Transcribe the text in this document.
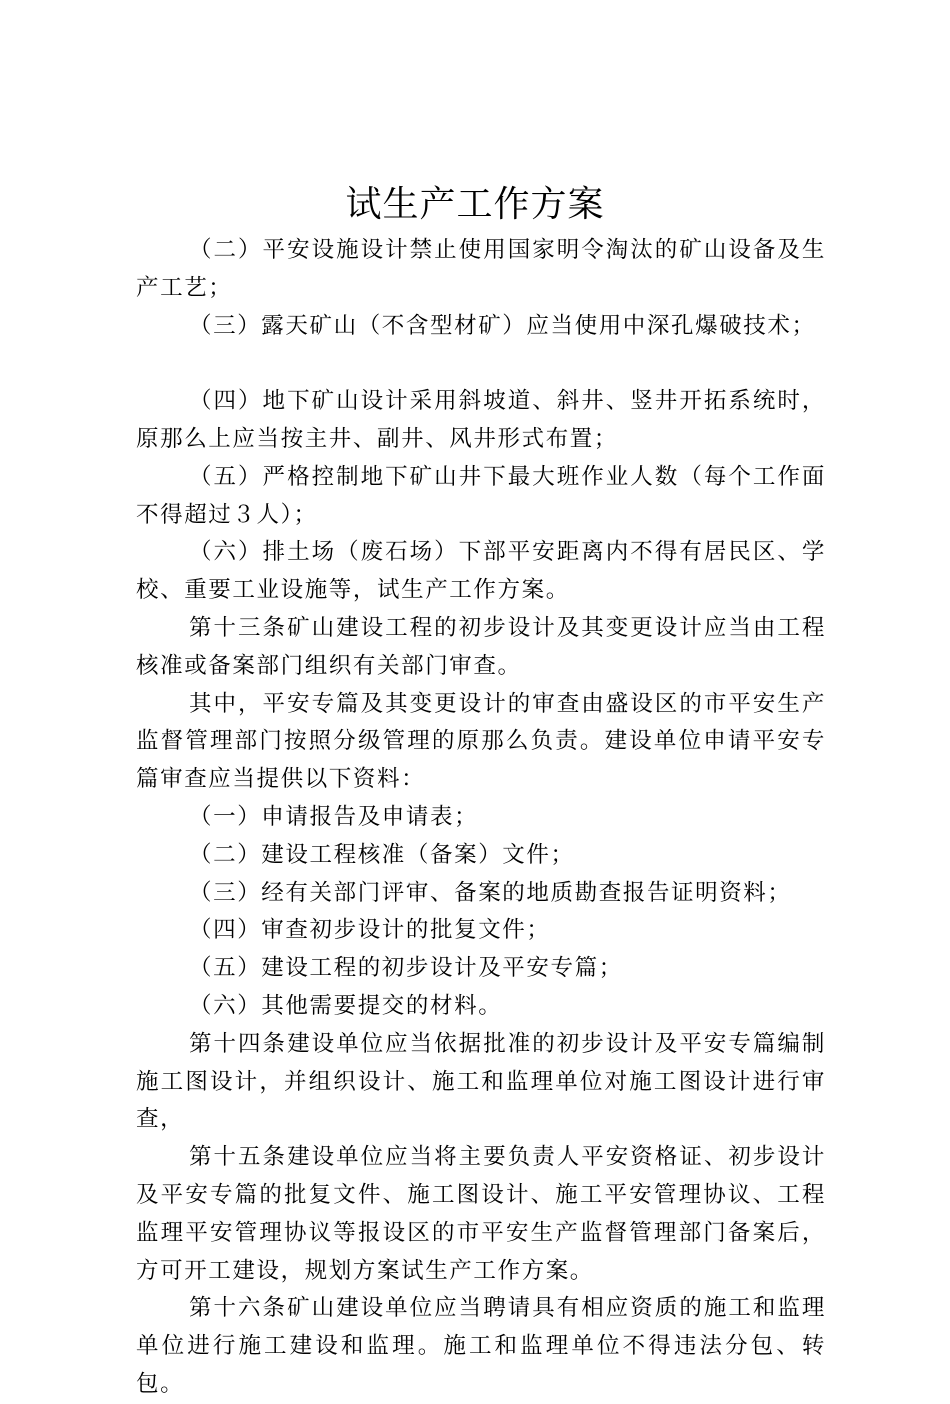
试生产工作方案

（二）平安设施设计禁止使用国家明令淘汰的矿山设备及生产工艺；

（三）露天矿山（不含型材矿）应当使用中深孔爆破技术；

（四）地下矿山设计采用斜坡道、斜井、竖井开拓系统时，原那么上应当按主井、副井、风井形式布置；

（五）严格控制地下矿山井下最大班作业人数（每个工作面不得超过３人）；

（六）排土场（废石场）下部平安距离内不得有居民区、学校、重要工业设施等，试生产工作方案。

第十三条矿山建设工程的初步设计及其变更设计应当由工程核准或备案部门组织有关部门审查。

其中，平安专篇及其变更设计的审查由盛设区的市平安生产监督管理部门按照分级管理的原那么负责。建设单位申请平安专篇审查应当提供以下资料：

（一）申请报告及申请表；

（二）建设工程核准（备案）文件；

（三）经有关部门评审、备案的地质勘查报告证明资料；

（四）审查初步设计的批复文件；

（五）建设工程的初步设计及平安专篇；

（六）其他需要提交的材料。

第十四条建设单位应当依据批准的初步设计及平安专篇编制施工图设计，并组织设计、施工和监理单位对施工图设计进行审查，

第十五条建设单位应当将主要负责人平安资格证、初步设计及平安专篇的批复文件、施工图设计、施工平安管理协议、工程监理平安管理协议等报设区的市平安生产监督管理部门备案后，方可开工建设，规划方案试生产工作方案。

第十六条矿山建设单位应当聘请具有相应资质的施工和监理单位进行施工建设和监理。施工和监理单位不得违法分包、转包。
